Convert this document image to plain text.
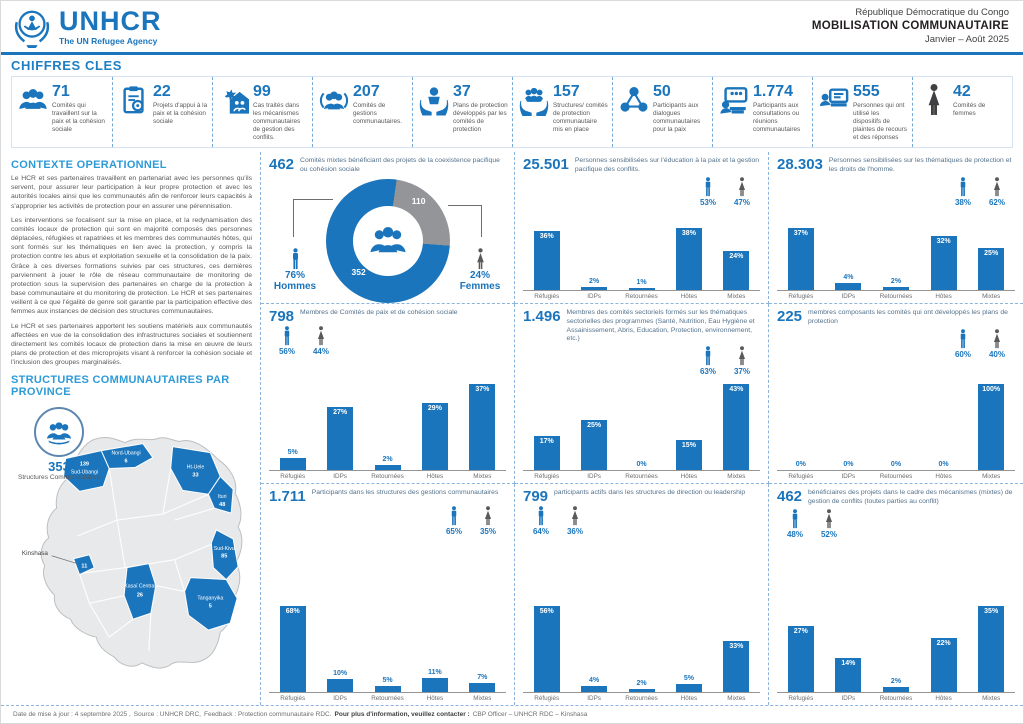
UNHCR
The UN Refugee Agency
République Démocratique du Congo
MOBILISATION COMMUNAUTAIRE
Janvier – Août 2025
CHIFFRES CLES
71
Comités qui travaillent sur la paix et la cohésion sociale
22
Projets d'appui à la paix et la cohésion sociale
99
Cas traités dans les mécanismes communautaires de gestion des conflits.
207
Comités de gestions communautaires.
37
Plans de protection développés par les comités de protection
157
Structures/ comités de protection communautaire mis en place
50
Participants aux dialogues communautaires pour la paix
1.774
Participants aux consultations ou réunions communautaires
555
Personnes qui ont utilisé les dispositifs de plaintes de recours et des réponses
42
Comités de femmes
CONTEXTE OPERATIONNEL

Le HCR et ses partenaires travaillent en partenariat avec les personnes qu'ils servent, pour assurer leur participation à leur propre protection et avec les autorités locales ainsi que les communautés afin de renforcer leurs capacités à s'approprier les activités de protection pour en assurer une pérennisation.

Les interventions se focalisent sur la mise en place, et la redynamisation des comités locaux de protection qui sont en majorité composés des personnes déplacées, réfugiées et rapatriées et les membres des communautés hôtes, qui sont formés sur les thématiques en lien avec la protection, y compris la protection contre les abus et exploitation sexuelle et la consolidation de la paix. Grâce à ces diverses formations suivies par ces structures, ces dernières parviennent à jouer le rôle de réseau communautaire de monitoring de protection sous la supervision des partenaires en charge de la protection à base communautaire et du monitoring de protection. Le HCR et ses partenaires veillent à ce que l'égalité de genre soit garantie par la participation effective des femmes aux instances de décision des structures communautaires.

Le HCR et ses partenaires apportent les soutiens matériels aux communautés affectées en vue de la consolidation des infrastructures sociales et soutiennent directement les comités locaux de protection dans la mise en œuvre de leurs plans de protection et des microprojets visant à renforcer la cohésion sociale et l'inclusion des groupes marginalisés.

STRUCTURES COMMUNAUTAIRES PAR PROVINCE
353
Structures Communautaires
139
Sud-Ubangi
Nord-Ubangi
6
Ht-Uele
33
Ituri
48
Sud-Kivu
85
Tanganyika
5
Kasaï Central
26
Kinshasa
11
462 Comités mixtes bénéficiant des projets de la coexistence pacifique ou cohésion sociale
110
352
76%
Hommes
24%
Femmes
25.501 Personnes sensibilisées sur l'éducation à la paix et la gestion pacifique des conflits.
53%	47%
36%
2%	1%
38%
24%
Réfugiés	IDPs	Retournées	Hôtes	Mixtes
28.303 Personnes sensibilisées sur les thématiques de protection et les droits de l'homme.
38%	62%
37%
4%
2%
32%
25%
Réfugiés	IDPs	Retournées	Hôtes	Mixtes
798 Membres de Comités de paix et de cohésion sociale
56%	44%
5%
27%
2%
29%
37%
Réfugiés	IDPs	Retournées	Hôtes	Mixtes
1.496 Membres des comités sectoriels formés sur les thématiques sectorielles des programmes (Santé, Nutrition, Eau Hygiène et Assainissement, Abris, Education, Protection, environnement, etc.)
63%	37%
17%
25%
0%
15%
43%
Réfugiés	IDPs	Retournées	Hôtes	Mixtes
225 membres composants les comités qui ont développés les plans de protection
60%	40%
0%	0%	0%	0%
100%
Réfugiés	IDPs	Retournées	Hôtes	Mixtes
1.711 Participants dans les structures des gestions communautaires
65%	35%
68%
10%
5%
11%
7%
Réfugiés	IDPs	Retournées	Hôtes	Mixtes
799 participants actifs dans les structures de direction ou leadership
64%	36%
56%
4%	2%
5%
33%
Réfugiés	IDPs	Retournées	Hôtes	Mixtes
462 bénéficiaires des projets dans le cadre des mécanismes (mixtes) de gestion de conflits (toutes parties au conflit)
48%	52%
27%
14%
2%
22%
35%
Réfugiés	IDPs	Retournées	Hôtes	Mixtes
Date de mise à jour : 4 septembre 2025 , Source : UNHCR DRC, Feedback : Protection communautaire RDC. Pour plus d'information, veuillez contacter : CBP Officer – UNHCR RDC – Kinshasa
